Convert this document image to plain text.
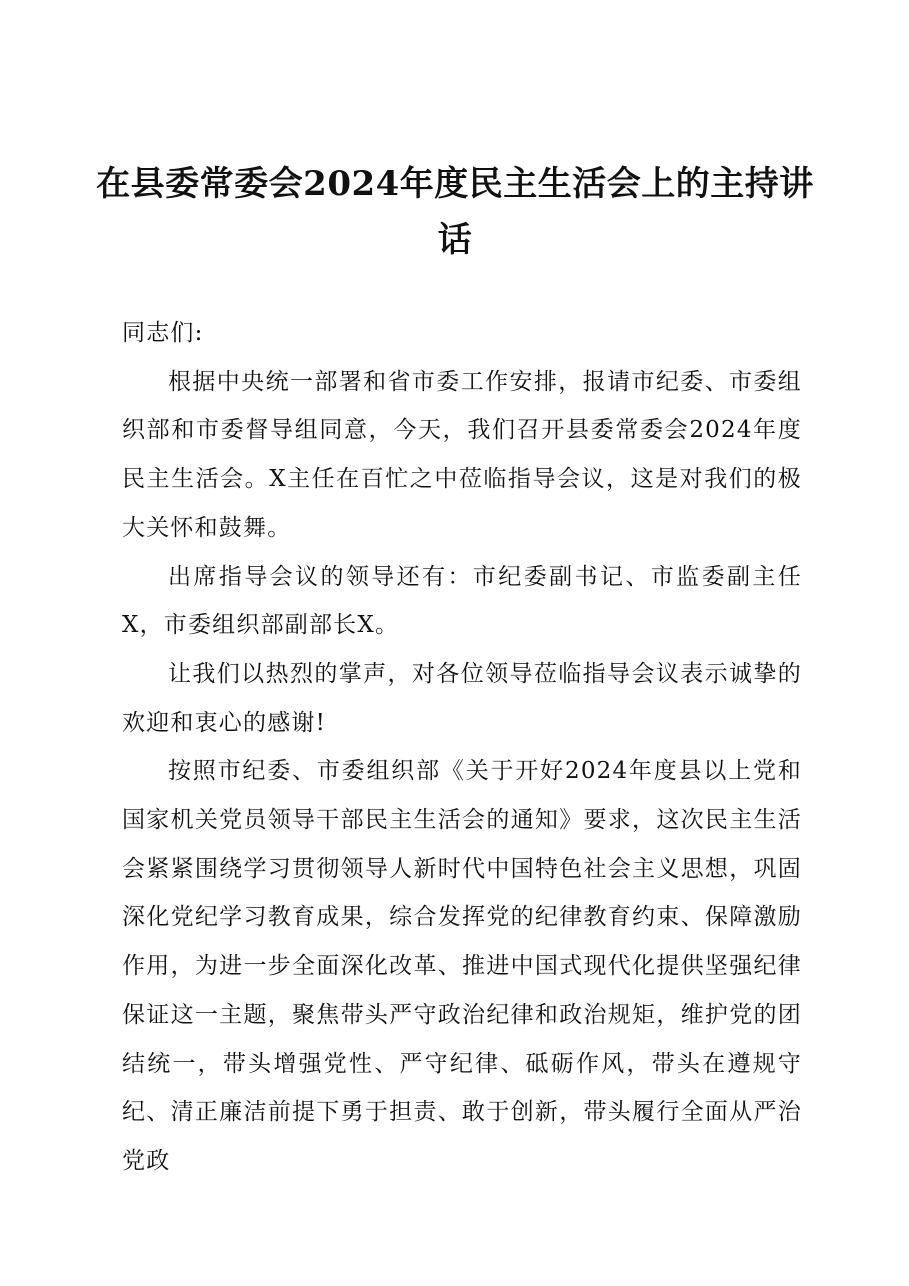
在县委常委会2024年度民主生活会上的主持讲话

同志们:

根据中央统一部署和省市委工作安排，报请市纪委、市委组织部和市委督导组同意，今天，我们召开县委常委会2024年度民主生活会。X主任在百忙之中莅临指导会议，这是对我们的极大关怀和鼓舞。

出席指导会议的领导还有：市纪委副书记、市监委副主任X，市委组织部副部长X。

让我们以热烈的掌声，对各位领导莅临指导会议表示诚挚的欢迎和衷心的感谢!

按照市纪委、市委组织部《关于开好2024年度县以上党和国家机关党员领导干部民主生活会的通知》要求，这次民主生活会紧紧围绕学习贯彻领导人新时代中国特色社会主义思想，巩固深化党纪学习教育成果，综合发挥党的纪律教育约束、保障激励作用，为进一步全面深化改革、推进中国式现代化提供坚强纪律保证这一主题，聚焦带头严守政治纪律和政治规矩，维护党的团结统一，带头增强党性、严守纪律、砥砺作风，带头在遵规守纪、清正廉洁前提下勇于担责、敢于创新，带头履行全面从严治党政
